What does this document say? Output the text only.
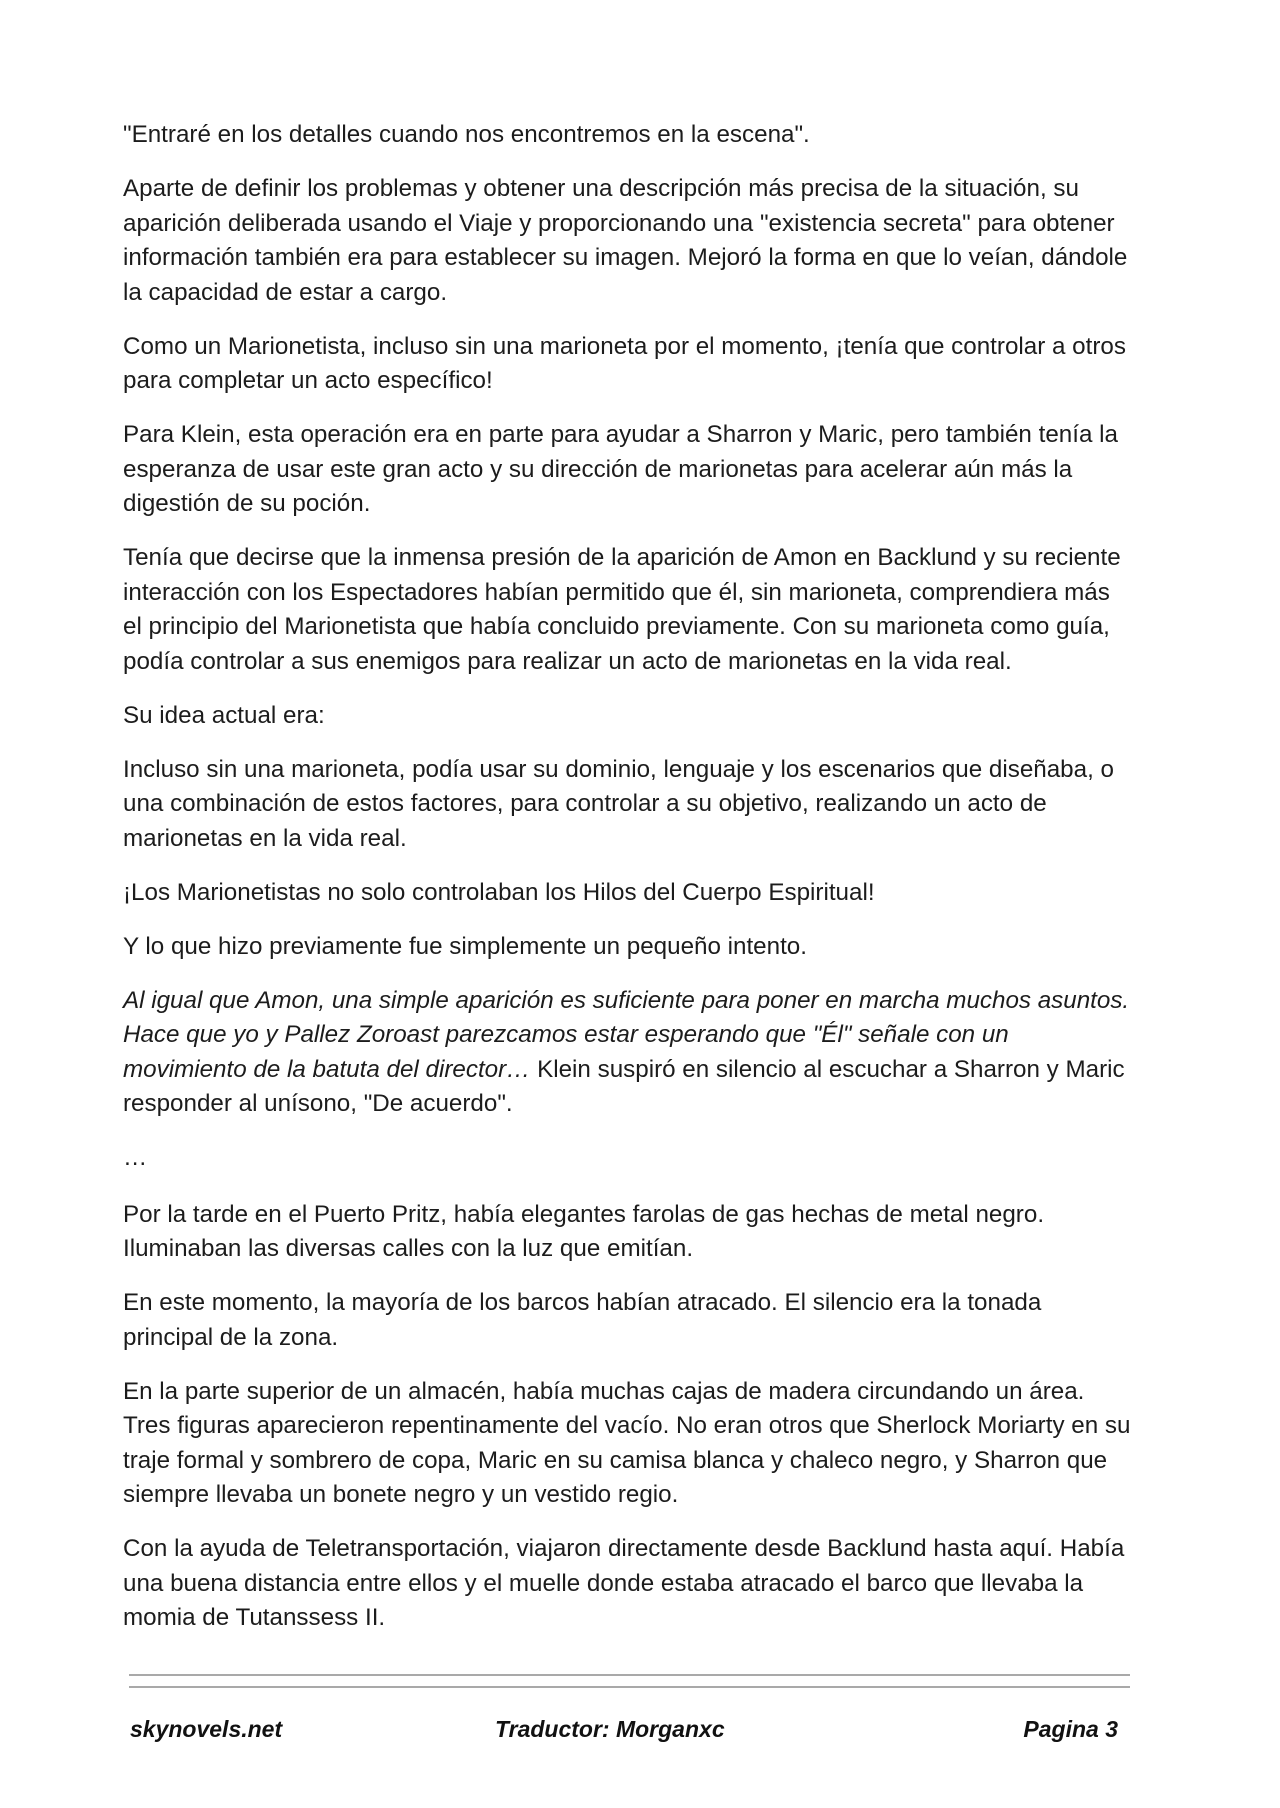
"Entraré en los detalles cuando nos encontremos en la escena".

Aparte de definir los problemas y obtener una descripción más precisa de la situación, su aparición deliberada usando el Viaje y proporcionando una "existencia secreta" para obtener información también era para establecer su imagen. Mejoró la forma en que lo veían, dándole la capacidad de estar a cargo.

Como un Marionetista, incluso sin una marioneta por el momento, ¡tenía que controlar a otros para completar un acto específico!

Para Klein, esta operación era en parte para ayudar a Sharron y Maric, pero también tenía la esperanza de usar este gran acto y su dirección de marionetas para acelerar aún más la digestión de su poción.

Tenía que decirse que la inmensa presión de la aparición de Amon en Backlund y su reciente interacción con los Espectadores habían permitido que él, sin marioneta, comprendiera más el principio del Marionetista que había concluido previamente. Con su marioneta como guía, podía controlar a sus enemigos para realizar un acto de marionetas en la vida real.

Su idea actual era:

Incluso sin una marioneta, podía usar su dominio, lenguaje y los escenarios que diseñaba, o una combinación de estos factores, para controlar a su objetivo, realizando un acto de marionetas en la vida real.

¡Los Marionetistas no solo controlaban los Hilos del Cuerpo Espiritual!

Y lo que hizo previamente fue simplemente un pequeño intento.

Al igual que Amon, una simple aparición es suficiente para poner en marcha muchos asuntos. Hace que yo y Pallez Zoroast parezcamos estar esperando que "Él" señale con un movimiento de la batuta del director… Klein suspiró en silencio al escuchar a Sharron y Maric responder al unísono, "De acuerdo".

…

Por la tarde en el Puerto Pritz, había elegantes farolas de gas hechas de metal negro. Iluminaban las diversas calles con la luz que emitían.

En este momento, la mayoría de los barcos habían atracado. El silencio era la tonada principal de la zona.

En la parte superior de un almacén, había muchas cajas de madera circundando un área. Tres figuras aparecieron repentinamente del vacío. No eran otros que Sherlock Moriarty en su traje formal y sombrero de copa, Maric en su camisa blanca y chaleco negro, y Sharron que siempre llevaba un bonete negro y un vestido regio.

Con la ayuda de Teletransportación, viajaron directamente desde Backlund hasta aquí. Había una buena distancia entre ellos y el muelle donde estaba atracado el barco que llevaba la momia de Tutanssess II.

skynovels.net	Traductor: Morganxc	Pagina 3
